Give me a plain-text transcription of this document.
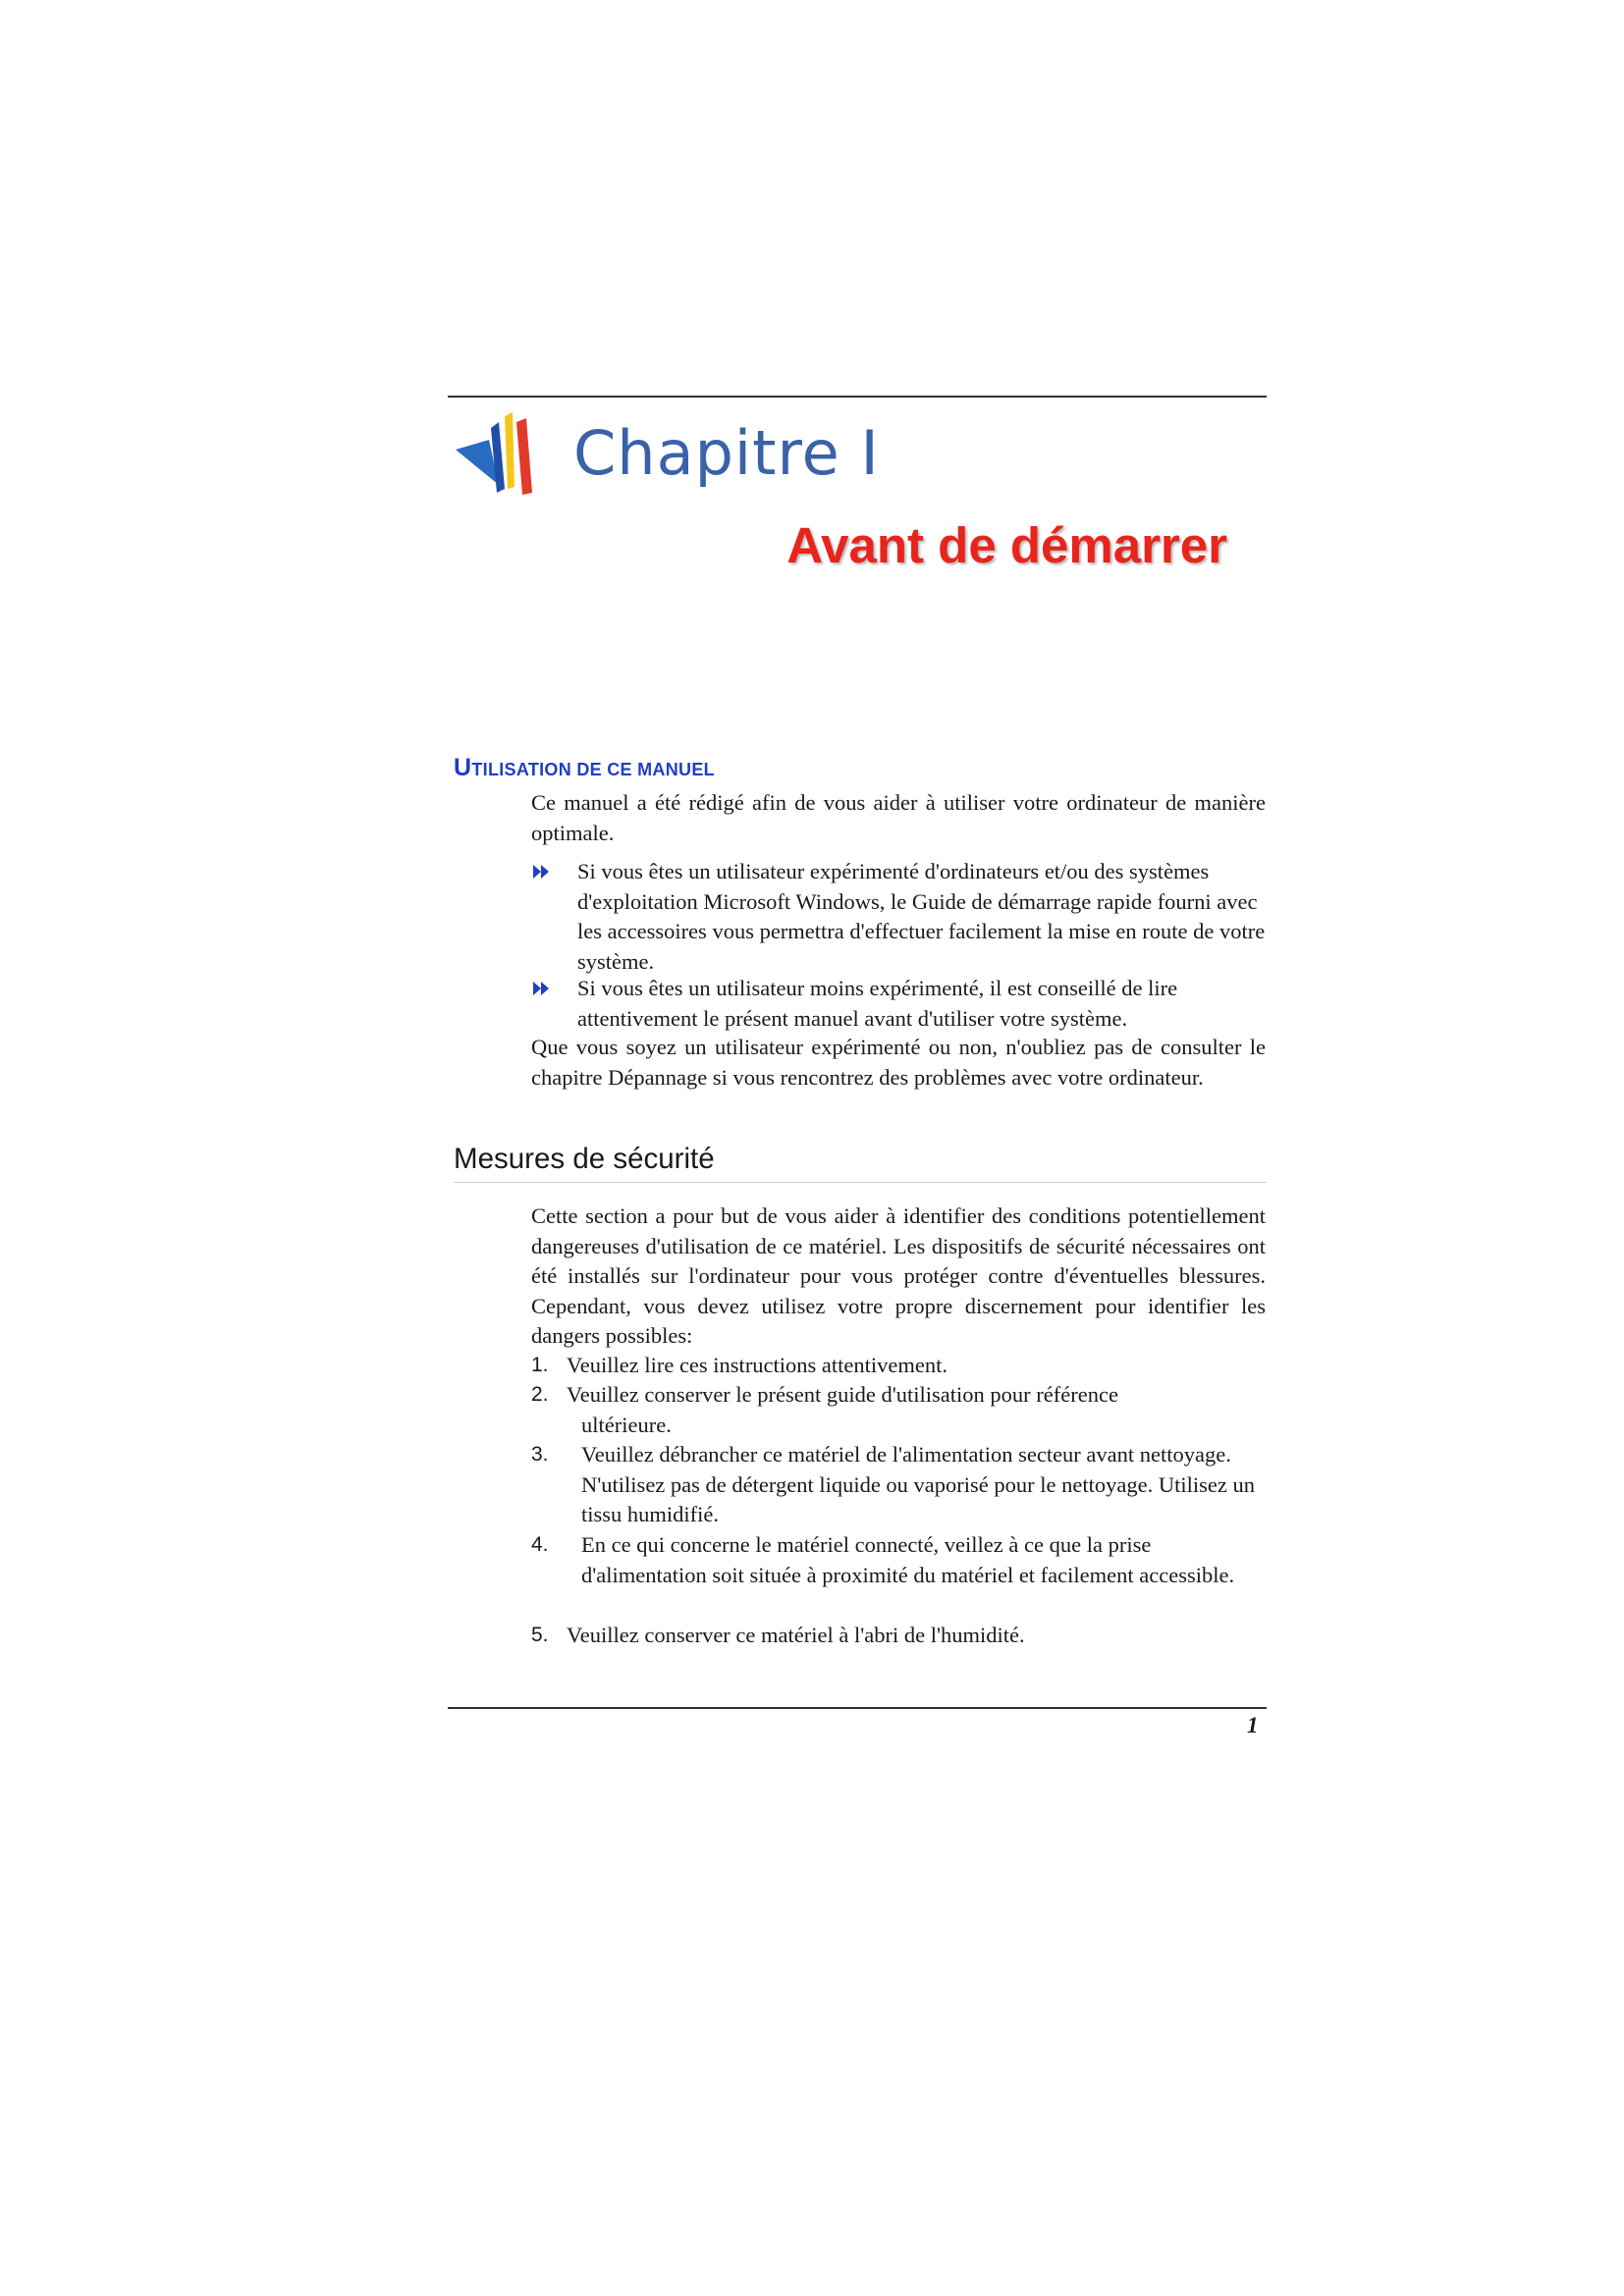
Chapitre I
Avant de démarrer
UTILISATION DE CE MANUEL

Ce manuel a été rédigé afin de vous aider à utiliser votre ordinateur de manière optimale.

Si vous êtes un utilisateur expérimenté d'ordinateurs et/ou des systèmes d'exploitation Microsoft Windows, le Guide de démarrage rapide fourni avec les accessoires vous permettra d'effectuer facilement la mise en route de votre système.
Si vous êtes un utilisateur moins expérimenté, il est conseillé de lire attentivement le présent manuel avant d'utiliser votre système.

Que vous soyez un utilisateur expérimenté ou non, n'oubliez pas de consulter le chapitre Dépannage si vous rencontrez des problèmes avec votre ordinateur.

Mesures de sécurité

Cette section a pour but de vous aider à identifier des conditions potentiellement dangereuses d'utilisation de ce matériel. Les dispositifs de sécurité nécessaires ont été installés sur l'ordinateur pour vous protéger contre d'éventuelles blessures. Cependant, vous devez utilisez votre propre discernement pour identifier les dangers possibles:

1. Veuillez lire ces instructions attentivement.
2. Veuillez conserver le présent guide d'utilisation pour référence
ultérieure.
3. Veuillez débrancher ce matériel de l'alimentation secteur avant nettoyage. N'utilisez pas de détergent liquide ou vaporisé pour le nettoyage. Utilisez un tissu humidifié.
4. En ce qui concerne le matériel connecté, veillez à ce que la prise d'alimentation soit située à proximité du matériel et facilement accessible.
5. Veuillez conserver ce matériel à l'abri de l'humidité.
1
